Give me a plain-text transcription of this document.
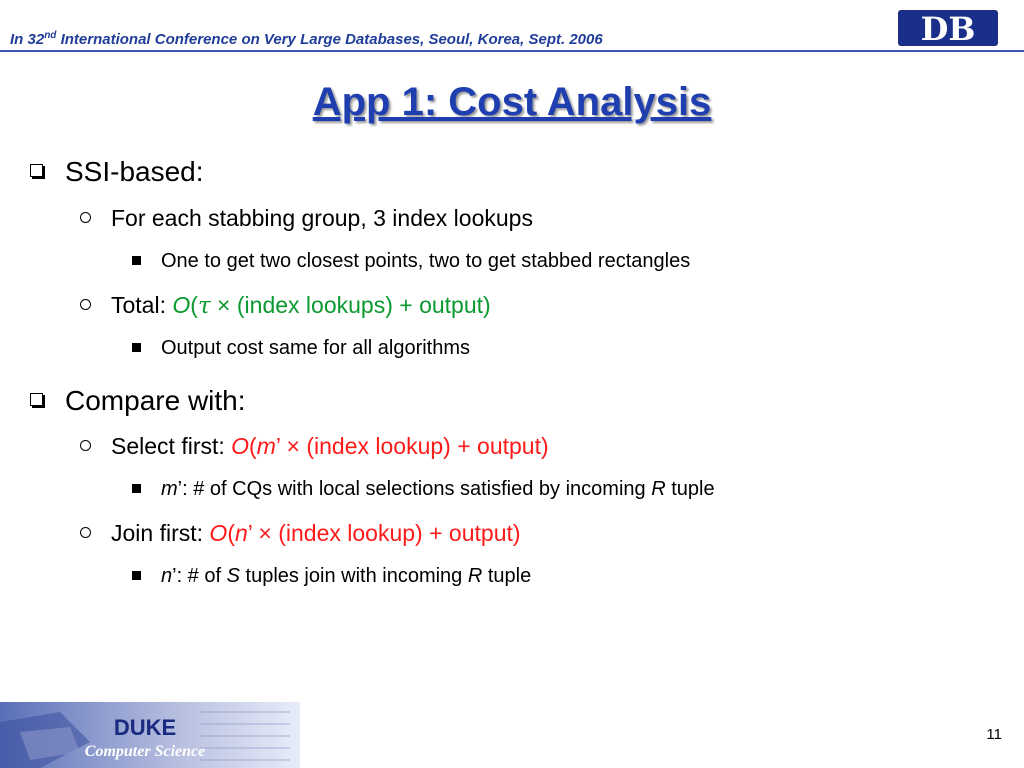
In 32nd International Conference on Very Large Databases, Seoul, Korea, Sept. 2006	DB
App 1: Cost Analysis
SSI-based:
For each stabbing group, 3 index lookups
One to get two closest points, two to get stabbed rectangles
Total: O(τ × (index lookups) + output)
Output cost same for all algorithms
Compare with:
Select first: O(m’ × (index lookup) + output)
m’: # of CQs with local selections satisfied by incoming R tuple
Join first: O(n’ × (index lookup) + output)
n’: # of S tuples join with incoming R tuple
DUKE
Computer Science
11
